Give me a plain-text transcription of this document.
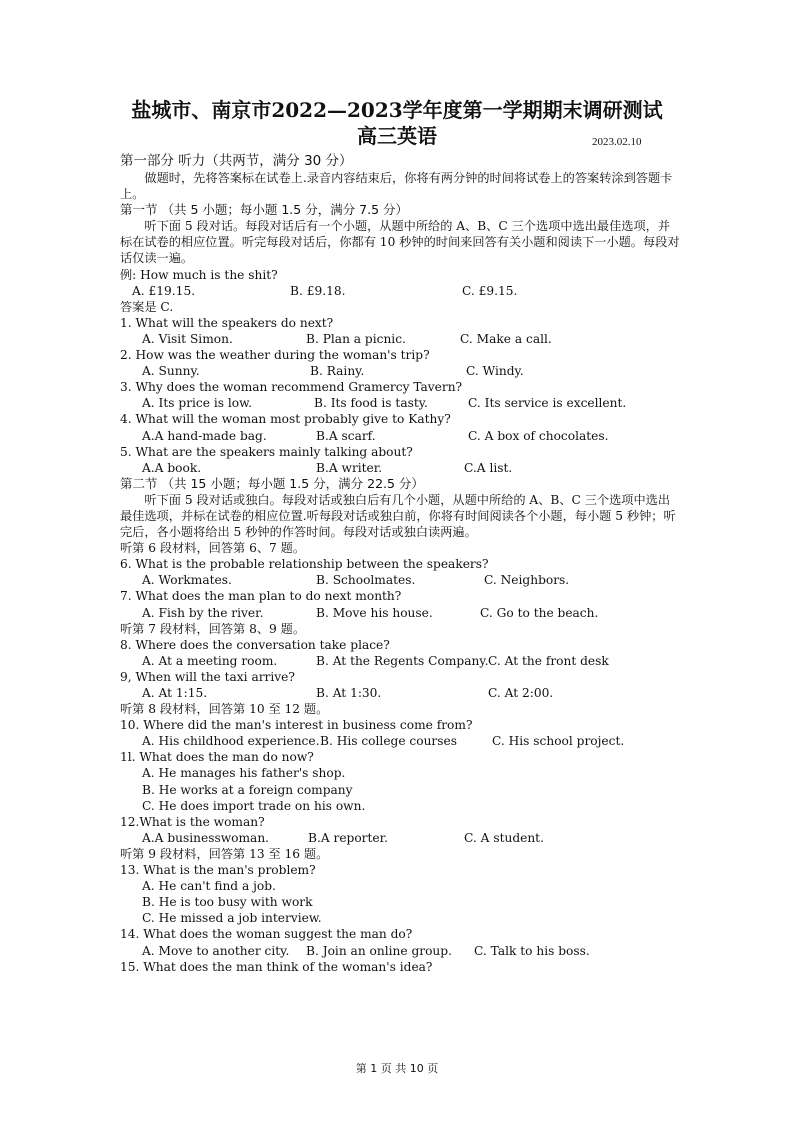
盐城市、南京市2022—2023学年度第一学期期末调研测试
高三英语	2023.02.10
第一部分 听力（共两节，满分 30 分）
做题时，先将答案标在试卷上.录音内容结束后，你将有两分钟的时间将试卷上的答案转涂到答题卡上。
第一节 （共 5 小题；每小题 1.5 分，满分 7.5 分）
听下面 5 段对话。每段对话后有一个小题，从题中所给的 A、B、C 三个选项中选出最佳选项，并标在试卷的相应位置。听完每段对话后，你都有 10 秒钟的时间来回答有关小题和阅读下一小题。每段对话仅读一遍。
例: How much is the shit?
A. £19.15.	B. £9.18.	C. £9.15.
答案是 C.
1. What will the speakers do next?
A. Visit Simon.	B. Plan a picnic.	C. Make a call.
2. How was the weather during the woman's trip?
A. Sunny.	B. Rainy.	C. Windy.
3. Why does the woman recommend Gramercy Tavern?
A. Its price is low.	B. Its food is tasty.	C. Its service is excellent.
4. What will the woman most probably give to Kathy?
A.A hand-made bag.	B.A scarf.	C. A box of chocolates.
5. What are the speakers mainly talking about?
A.A book.	B.A writer.	C.A list.
第二节 （共 15 小题；每小题 1.5 分，满分 22.5 分）
听下面 5 段对话或独白。每段对话或独白后有几个小题，从题中所给的 A、B、C 三个选项中选出最佳选项，并标在试卷的相应位置.听每段对话或独白前，你将有时间阅读各个小题，每小题 5 秒钟；听完后，各小题将给出 5 秒钟的作答时间。每段对话或独白读两遍。
听第 6 段材料，回答第 6、7 题。
6. What is the probable relationship between the speakers?
A. Workmates.	B. Schoolmates.	C. Neighbors.
7. What does the man plan to do next month?
A. Fish by the river.	B. Move his house.	C. Go to the beach.
听第 7 段材料，回答第 8、9 题。
8. Where does the conversation take place?
A. At a meeting room.	B. At the Regents Company. C. At the front desk
9, When will the taxi arrive?
A. At 1:15.	B. At 1:30.	C. At 2:00.
听第 8 段材料，回答第 10 至 12 题。
10. Where did the man's interest in business come from?
A. His childhood experience. B. His college courses	C. His school project.
1l. What does the man do now?
A. He manages his father's shop.
B. He works at a foreign company
C. He does import trade on his own.
12.What is the woman?
A.A businesswoman.	B.A reporter.	C. A student.
听第 9 段材料，回答第 13 至 16 题。
13. What is the man's problem?
A. He can't find a job.
B. He is too busy with work
C. He missed a job interview.
14. What does the woman suggest the man do?
A. Move to another city. B. Join an online group. C. Talk to his boss.
15. What does the man think of the woman's idea?
第 1 页 共 10 页
